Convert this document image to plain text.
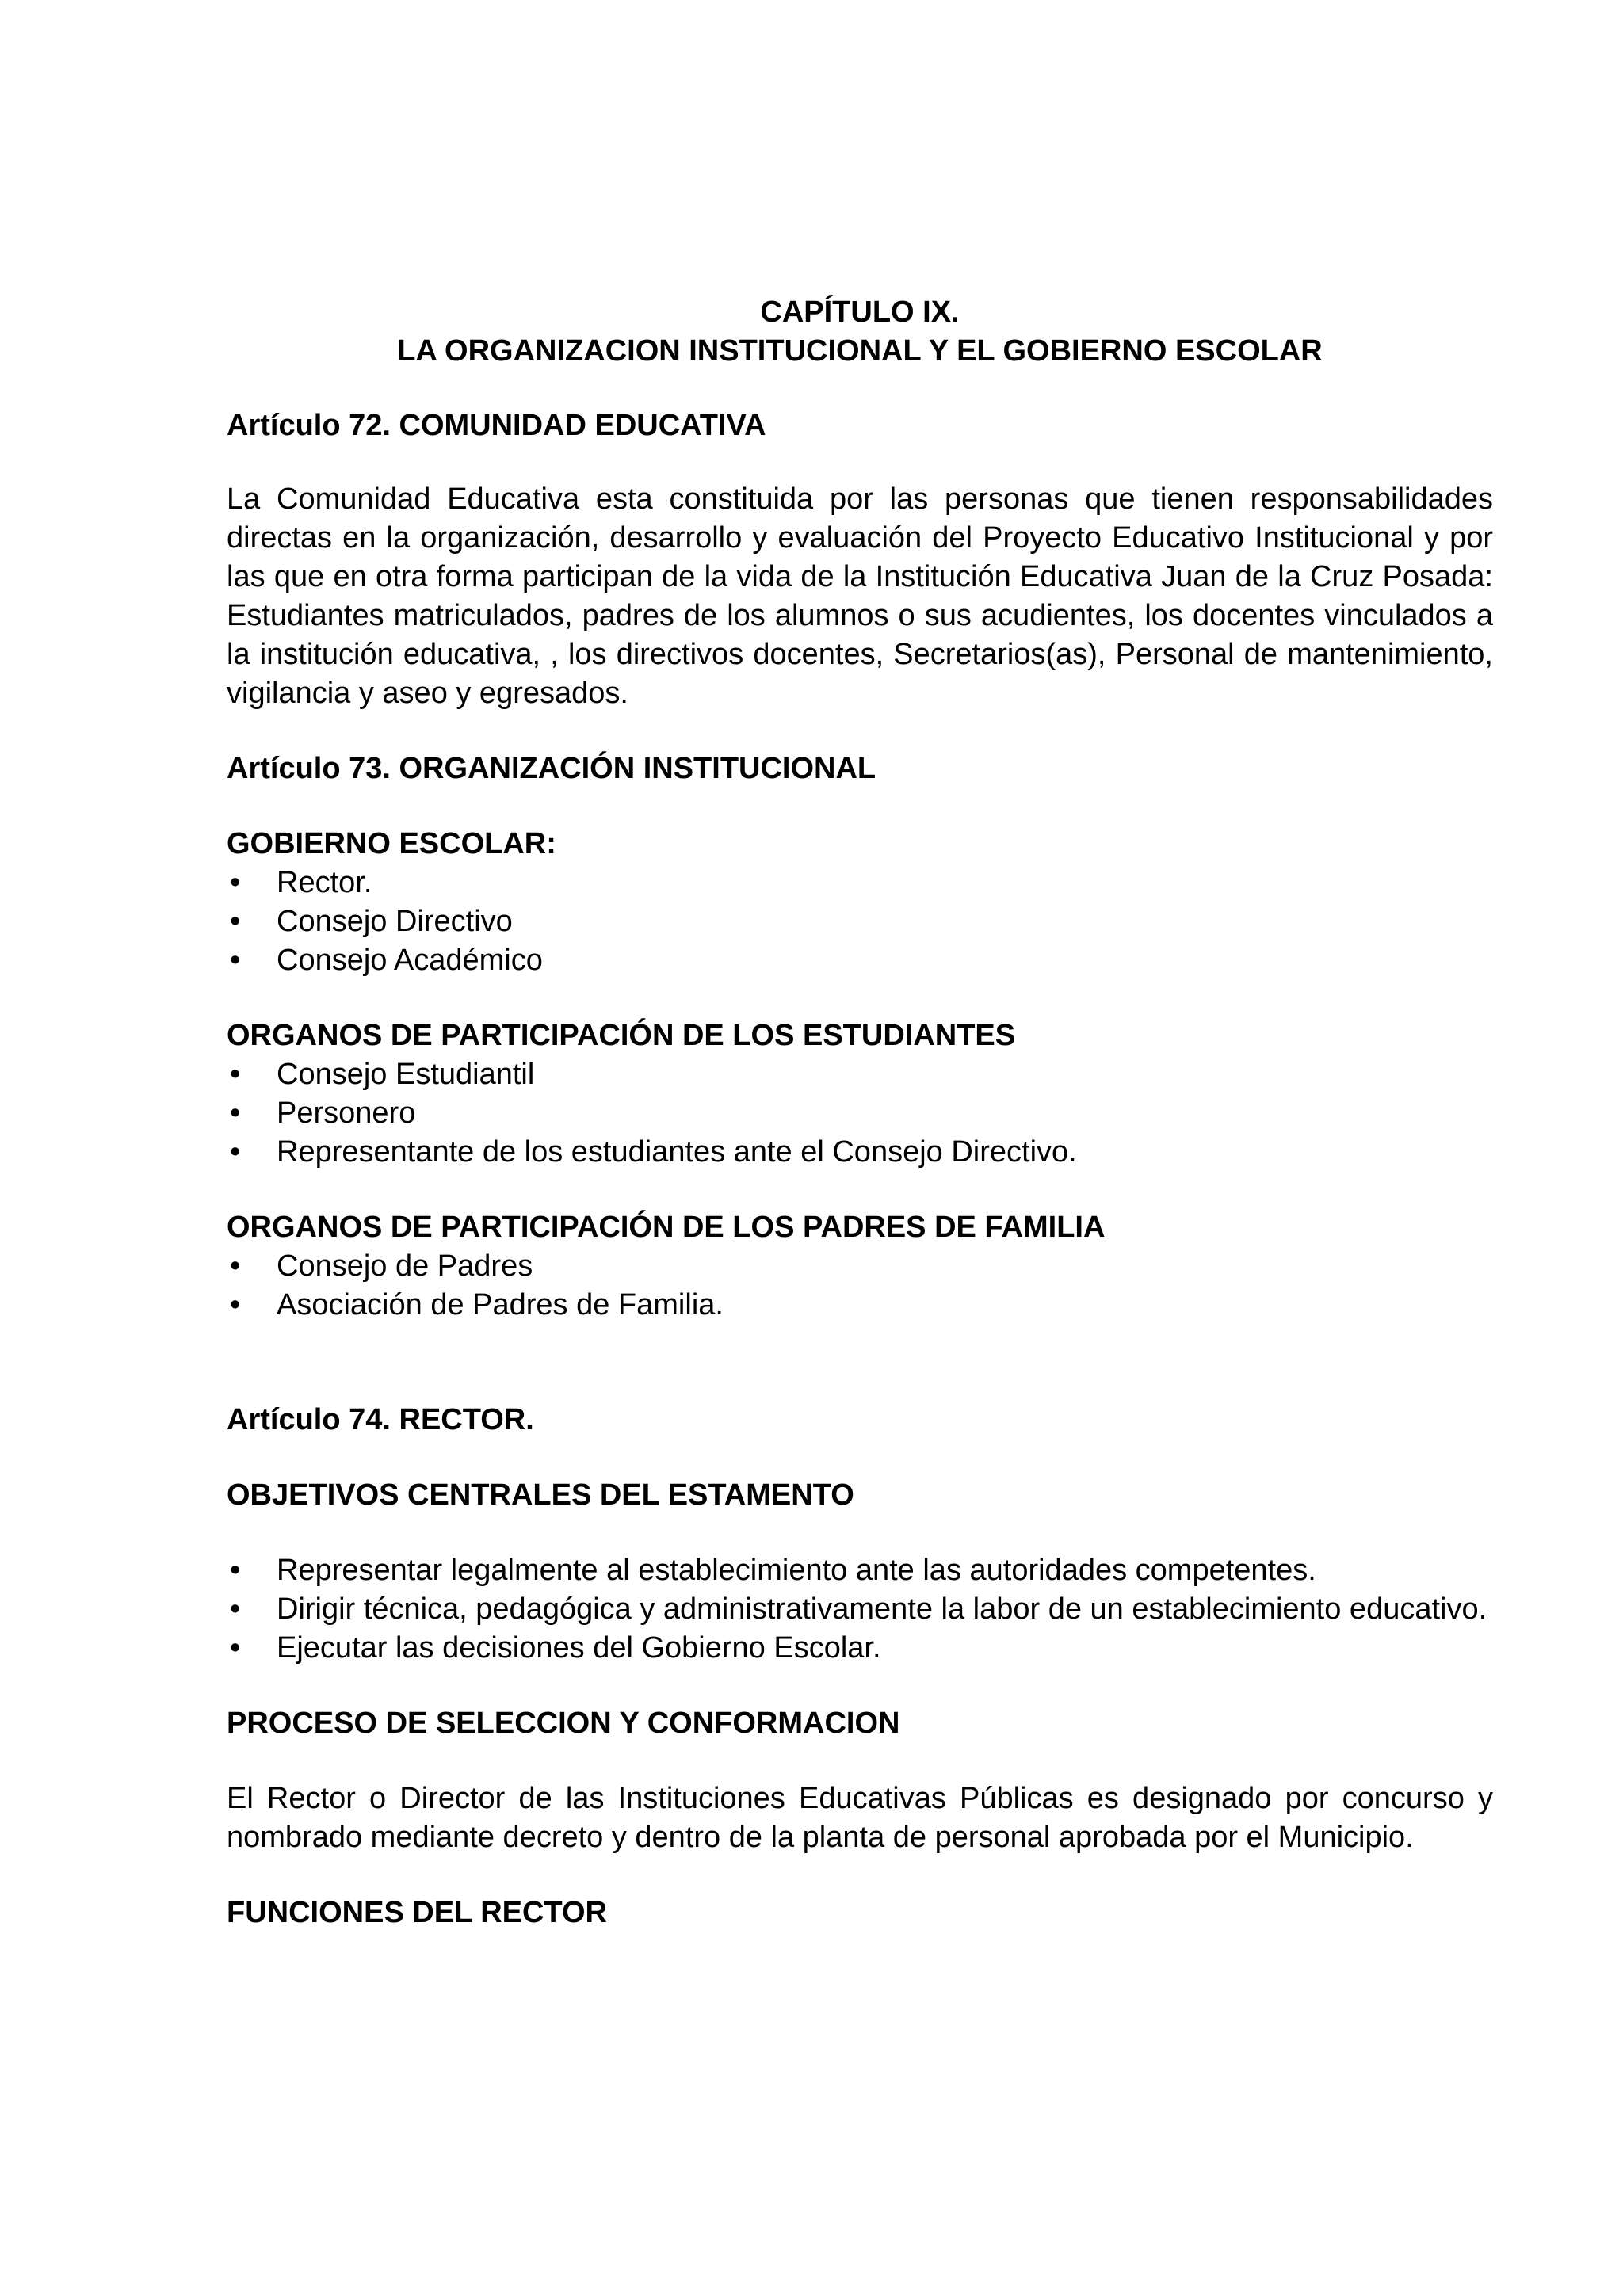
CAPÍTULO IX.
LA ORGANIZACION INSTITUCIONAL Y EL GOBIERNO ESCOLAR
Artículo 72. COMUNIDAD EDUCATIVA

La Comunidad Educativa esta constituida por las personas que tienen responsabilidades directas en la organización, desarrollo y evaluación del Proyecto Educativo Institucional y por las que en otra forma participan de la vida de la Institución Educativa Juan de la Cruz Posada: Estudiantes matriculados, padres de los alumnos o sus acudientes, los docentes vinculados a la institución educativa, , los directivos docentes, Secretarios(as), Personal de mantenimiento, vigilancia y aseo y egresados.

Artículo 73. ORGANIZACIÓN INSTITUCIONAL
GOBIERNO ESCOLAR:
•	Rector.
•	Consejo Directivo
•	Consejo Académico
ORGANOS DE PARTICIPACIÓN DE LOS ESTUDIANTES
•	Consejo Estudiantil
•	Personero
•	Representante de los estudiantes ante el Consejo Directivo.
ORGANOS DE PARTICIPACIÓN DE LOS PADRES DE FAMILIA
•	Consejo de Padres
•	Asociación de Padres de Familia.
Artículo 74. RECTOR.
OBJETIVOS CENTRALES DEL ESTAMENTO
•	Representar legalmente al establecimiento ante las autoridades competentes.
•	Dirigir técnica, pedagógica y administrativamente la labor de un establecimiento educativo.
•	Ejecutar las decisiones del Gobierno Escolar.
PROCESO DE SELECCION Y CONFORMACION

El Rector o Director de las Instituciones Educativas Públicas es designado por concurso y nombrado mediante decreto y dentro de la planta de personal aprobada por el Municipio.

FUNCIONES DEL RECTOR
